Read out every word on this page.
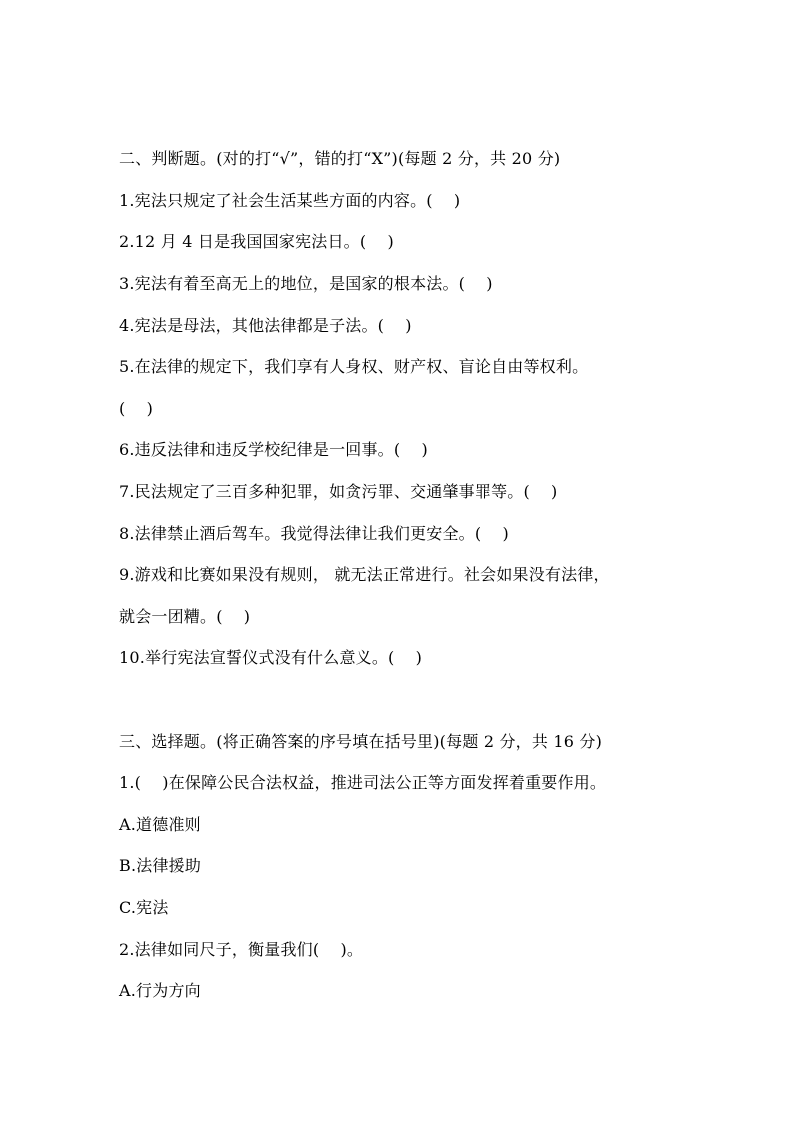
二、判断题。(对的打“√”，错的打“X”)(每题 2 分，共 20 分)
1.宪法只规定了社会生活某些方面的内容。(    )
2.12 月 4 日是我国国家宪法日。(    )
3.宪法有着至高无上的地位，是国家的根本法。(    )
4.宪法是母法，其他法律都是子法。(    )
5.在法律的规定下，我们享有人身权、财产权、盲论自由等权利。
(    )
6.违反法律和违反学校纪律是一回事。(    )
7.民法规定了三百多种犯罪，如贪污罪、交通肇事罪等。(    )
8.法律禁止酒后驾车。我觉得法律让我们更安全。(    )
9.游戏和比赛如果没有规则， 就无法正常进行。社会如果没有法律，
就会一团糟。(    )
10.举行宪法宣誓仪式没有什么意义。(    )
三、选择题。(将正确答案的序号填在括号里)(每题 2 分，共 16 分)
1.(    )在保障公民合法权益，推进司法公正等方面发挥着重要作用。
A.道德准则
B.法律援助
C.宪法
2.法律如同尺子，衡量我们(    )。
A.行为方向
